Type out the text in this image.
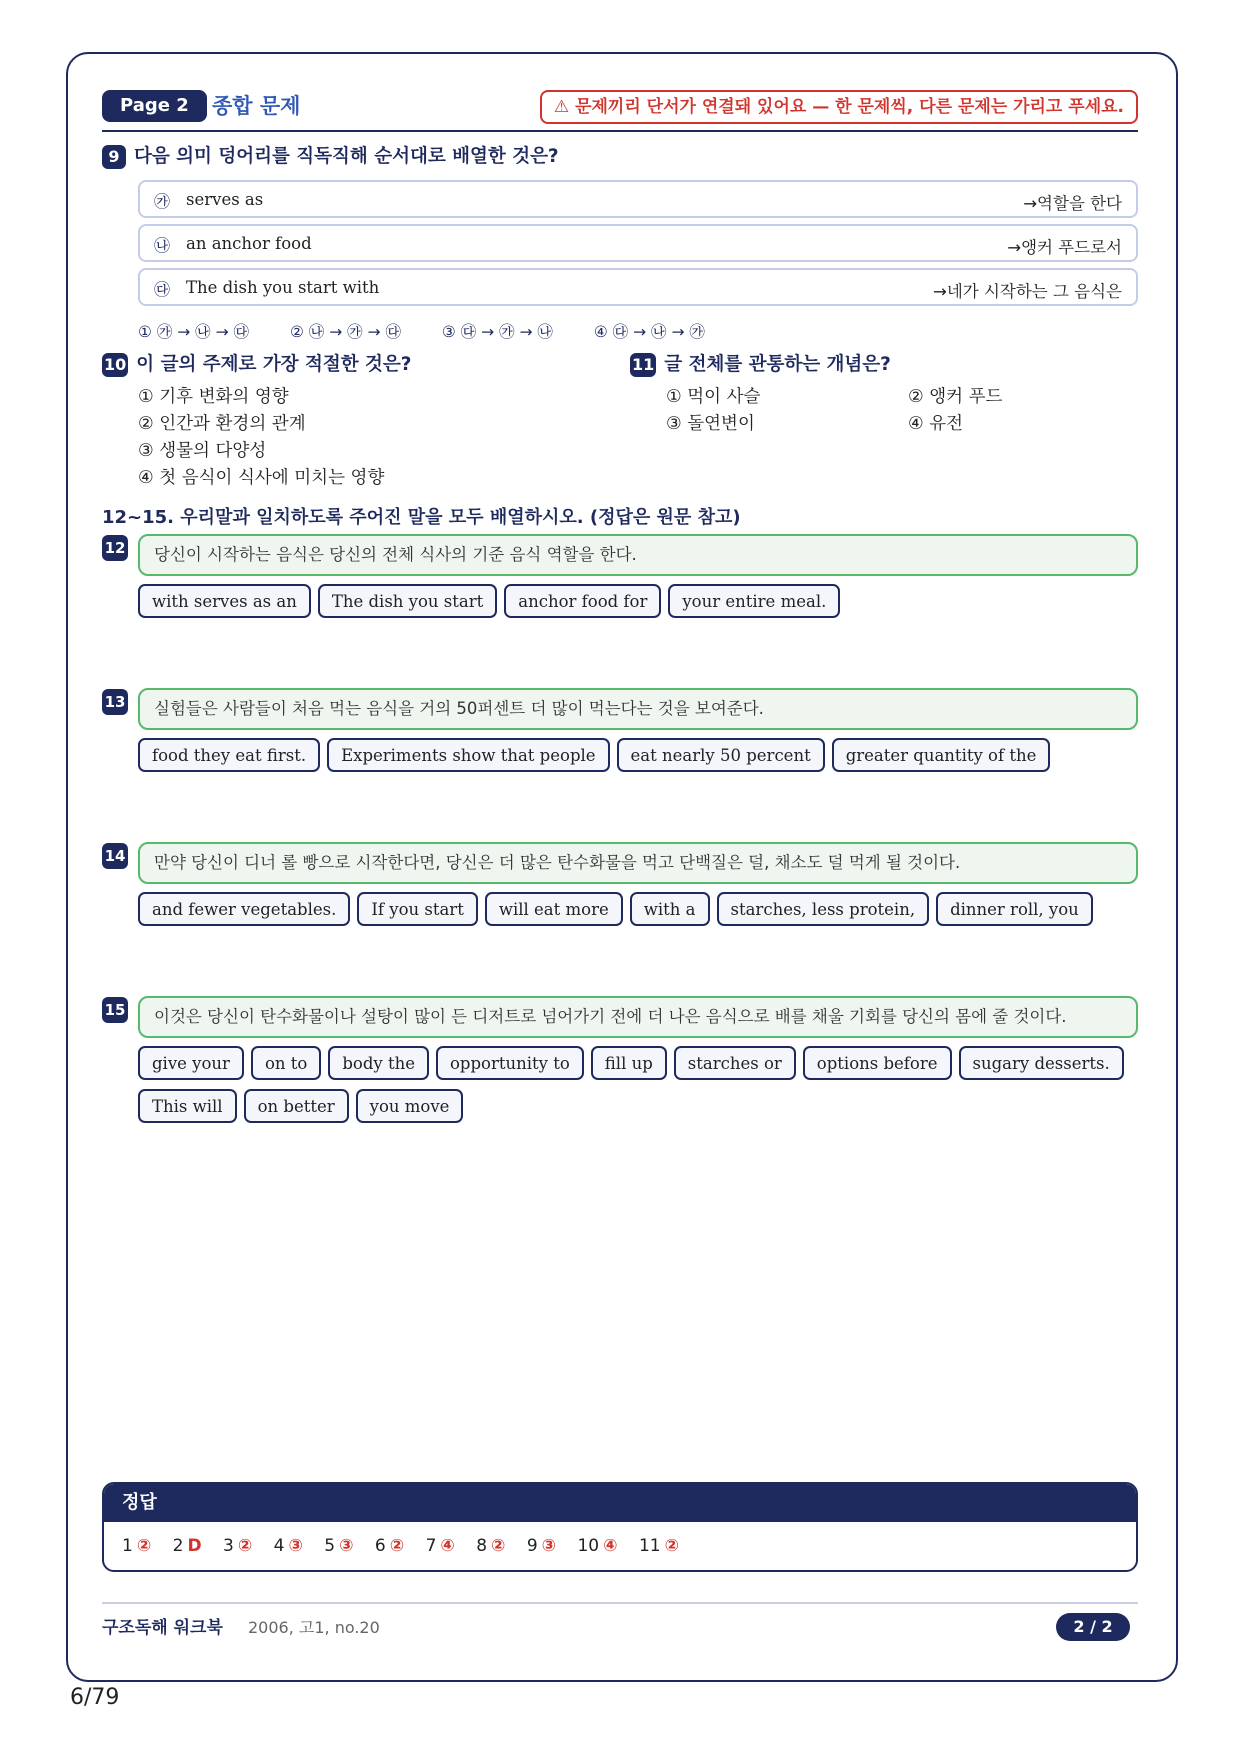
Page 2	종합 문제	⚠ 문제끼리 단서가 연결돼 있어요 — 한 문제씩, 다른 문제는 가리고 푸세요.
9 다음 의미 덩어리를 직독직해 순서대로 배열한 것은?
㉮ serves as	→역할을 한다
㉯ an anchor food	→앵커 푸드로서
㉰ The dish you start with	→네가 시작하는 그 음식은
① ㉮ → ㉯ → ㉰	② ㉯ → ㉮ → ㉰	③ ㉰ → ㉮ → ㉯	④ ㉰ → ㉯ → ㉮
10 이 글의 주제로 가장 적절한 것은?
① 기후 변화의 영향
② 인간과 환경의 관계
③ 생물의 다양성
④ 첫 음식이 식사에 미치는 영향
11 글 전체를 관통하는 개념은?
① 먹이 사슬	② 앵커 푸드
③ 돌연변이	④ 유전
12~15. 우리말과 일치하도록 주어진 말을 모두 배열하시오. (정답은 원문 참고)
12	당신이 시작하는 음식은 당신의 전체 식사의 기준 음식 역할을 한다.
with serves as an	The dish you start	anchor food for	your entire meal.
13	실험들은 사람들이 처음 먹는 음식을 거의 50퍼센트 더 많이 먹는다는 것을 보여준다.
food they eat first.	Experiments show that people	eat nearly 50 percent	greater quantity of the
14	만약 당신이 디너 롤 빵으로 시작한다면, 당신은 더 많은 탄수화물을 먹고 단백질은 덜, 채소도 덜 먹게 될 것이다.
and fewer vegetables.	If you start	will eat more	with a	starches, less protein,	dinner roll, you
15	이것은 당신이 탄수화물이나 설탕이 많이 든 디저트로 넘어가기 전에 더 나은 음식으로 배를 채울 기회를 당신의 몸에 줄 것이다.
give your	on to	body the	opportunity to	fill up	starches or	options before	sugary desserts.
This will	on better	you move
정답
1 ② 2 D 3 ② 4 ③ 5 ③ 6 ② 7 ④ 8 ② 9 ③ 10 ④ 11 ②
구조독해 워크북 2006, 고1, no.20	2 / 2
6/79
